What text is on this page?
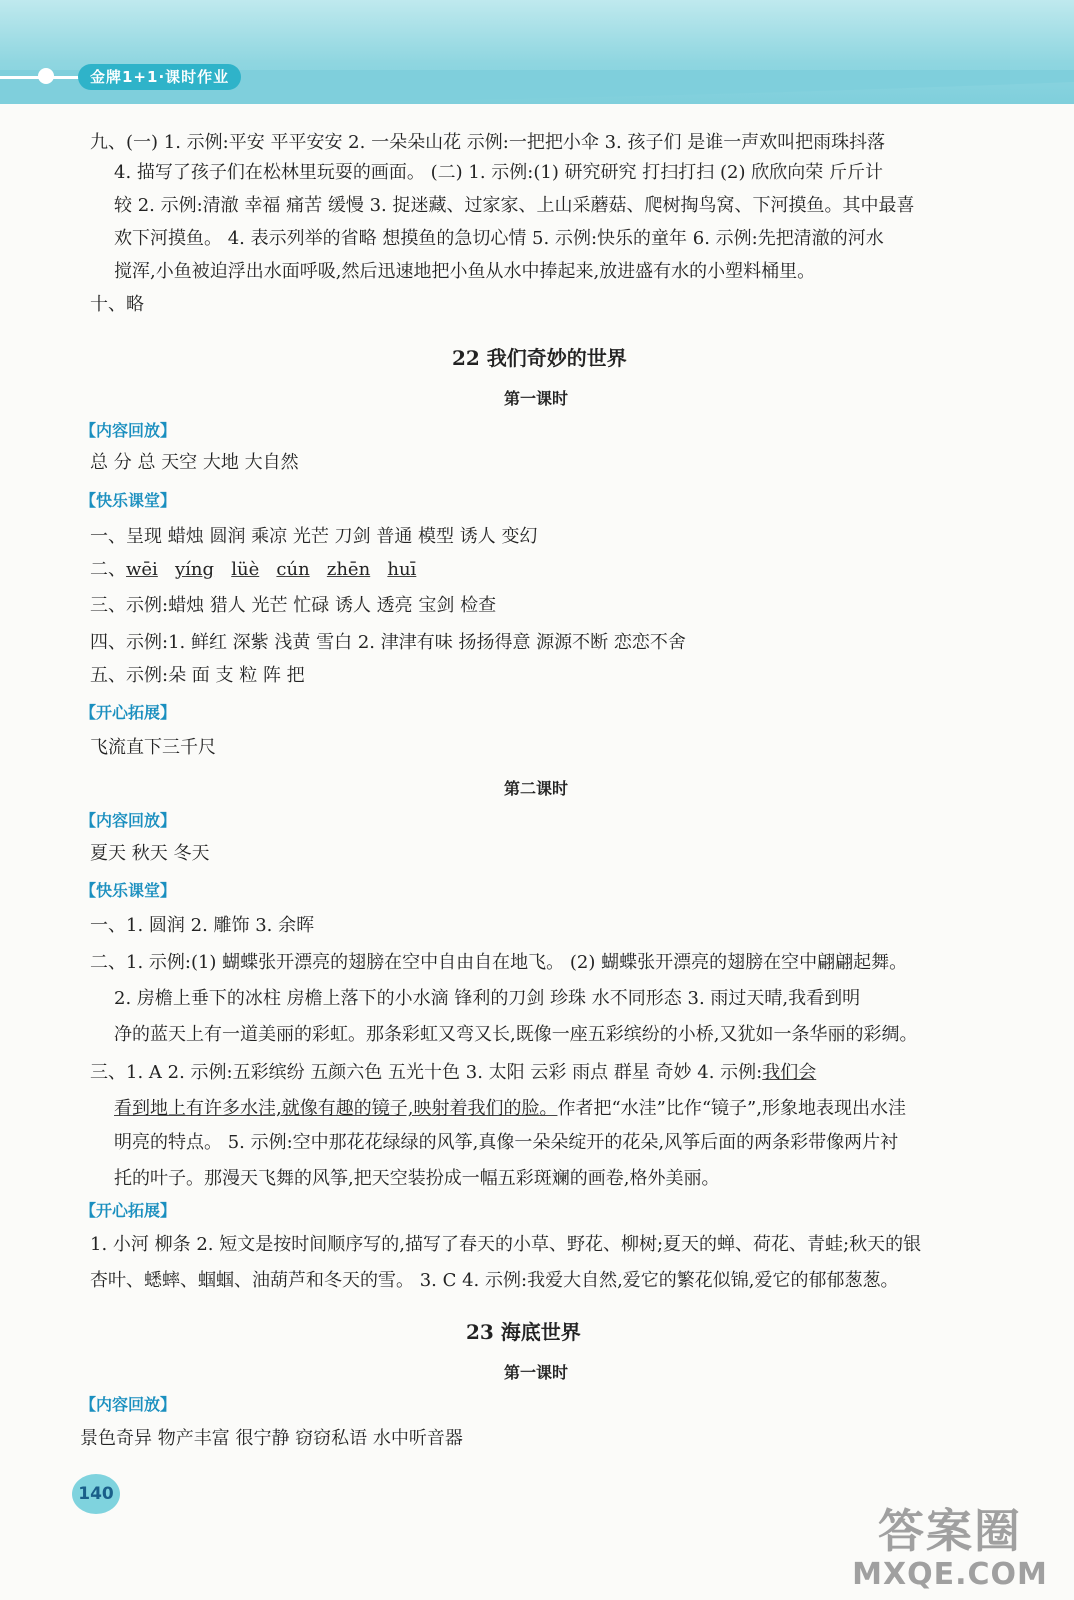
金牌1+1·课时作业
九、(一) 1. 示例:平安 平平安安 2. 一朵朵山花 示例:一把把小伞 3. 孩子们 是谁一声欢叫把雨珠抖落
4. 描写了孩子们在松林里玩耍的画面。 (二) 1. 示例:(1) 研究研究 打扫打扫 (2) 欣欣向荣 斤斤计
较 2. 示例:清澈 幸福 痛苦 缓慢 3. 捉迷藏、过家家、上山采蘑菇、爬树掏鸟窝、下河摸鱼。其中最喜
欢下河摸鱼。 4. 表示列举的省略 想摸鱼的急切心情 5. 示例:快乐的童年 6. 示例:先把清澈的河水
搅浑,小鱼被迫浮出水面呼吸,然后迅速地把小鱼从水中捧起来,放进盛有水的小塑料桶里。
十、略
22 我们奇妙的世界
第一课时
【内容回放】
总 分 总 天空 大地 大自然
【快乐课堂】
一、呈现 蜡烛 圆润 乘凉 光芒 刀剑 普通 模型 诱人 变幻
二、wēi yíng lüè cún zhēn huī
三、示例:蜡烛 猎人 光芒 忙碌 诱人 透亮 宝剑 检查
四、示例:1. 鲜红 深紫 浅黄 雪白 2. 津津有味 扬扬得意 源源不断 恋恋不舍
五、示例:朵 面 支 粒 阵 把
【开心拓展】
飞流直下三千尺
第二课时
【内容回放】
夏天 秋天 冬天
【快乐课堂】
一、1. 圆润 2. 雕饰 3. 余晖
二、1. 示例:(1) 蝴蝶张开漂亮的翅膀在空中自由自在地飞。 (2) 蝴蝶张开漂亮的翅膀在空中翩翩起舞。
2. 房檐上垂下的冰柱 房檐上落下的小水滴 锋利的刀剑 珍珠 水不同形态 3. 雨过天晴,我看到明
净的蓝天上有一道美丽的彩虹。那条彩虹又弯又长,既像一座五彩缤纷的小桥,又犹如一条华丽的彩绸。
三、1. A 2. 示例:五彩缤纷 五颜六色 五光十色 3. 太阳 云彩 雨点 群星 奇妙 4. 示例:我们会
看到地上有许多水洼,就像有趣的镜子,映射着我们的脸。作者把“水洼”比作“镜子”,形象地表现出水洼
明亮的特点。 5. 示例:空中那花花绿绿的风筝,真像一朵朵绽开的花朵,风筝后面的两条彩带像两片衬
托的叶子。那漫天飞舞的风筝,把天空装扮成一幅五彩斑斓的画卷,格外美丽。
【开心拓展】
1. 小河 柳条 2. 短文是按时间顺序写的,描写了春天的小草、野花、柳树;夏天的蝉、荷花、青蛙;秋天的银
杏叶、蟋蟀、蝈蝈、油葫芦和冬天的雪。 3. C 4. 示例:我爱大自然,爱它的繁花似锦,爱它的郁郁葱葱。
23 海底世界
第一课时
【内容回放】
景色奇异 物产丰富 很宁静 窃窃私语 水中听音器
140
答案圈
MXQE.COM
